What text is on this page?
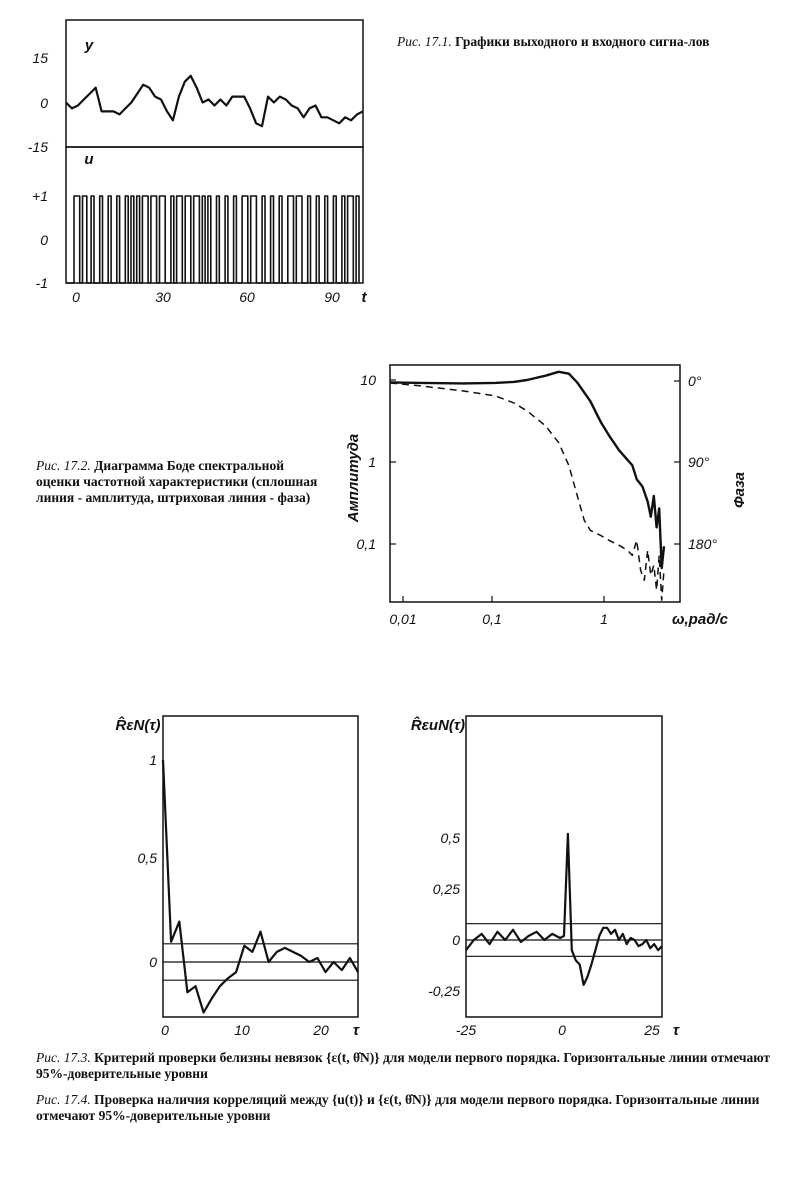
Рис. 17.1. Графики выходного и входного сигна-лов
Рис. 17.2. Диаграмма Боде спектральной оценки частотной характеристики (сплошная линия - амплитуда, штриховая линия - фаза)
Рис. 17.3. Критерий проверки белизны невязок {ε(t, θ̂N)} для модели первого порядка. Горизонтальные линии отмечают 95%-доверительные уровни
Рис. 17.4. Проверка наличия корреляций между {u(t)} и {ε(t, θ̂N)} для модели первого порядка. Горизонтальные линии отмечают 95%-доверительные уровни
y
15
0
-15
u
+1
0
-1
0	30	60	90 t
10
1
0,1
0°
90°
180°
0,01	0,1	1	ω,рад/с
Амплитуда	Фаза
1
0,5
0
0	10	20 τ
R̂εN(τ)
0,5
0,25
0
-0,25
-25	0	25 τ
R̂εuN(τ)
